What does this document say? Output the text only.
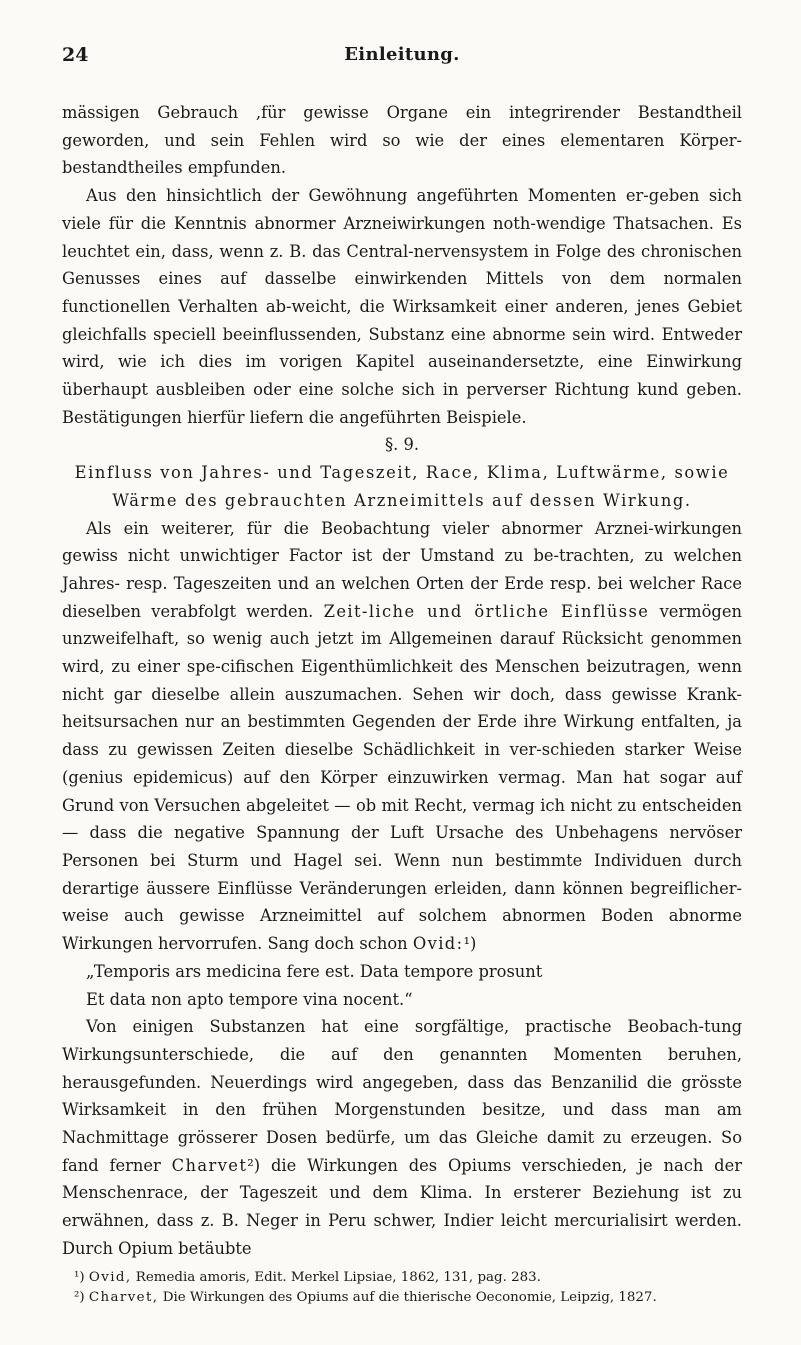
24	Einleitung.

mässigen Gebrauch ,für gewisse Organe ein integrirender Bestandtheil geworden, und sein Fehlen wird so wie der eines elementaren Körper-bestandtheiles empfunden.

Aus den hinsichtlich der Gewöhnung angeführten Momenten er-geben sich viele für die Kenntnis abnormer Arzneiwirkungen noth-wendige Thatsachen. Es leuchtet ein, dass, wenn z. B. das Central-nervensystem in Folge des chronischen Genusses eines auf dasselbe einwirkenden Mittels von dem normalen functionellen Verhalten ab-weicht, die Wirksamkeit einer anderen, jenes Gebiet gleichfalls speciell beeinflussenden, Substanz eine abnorme sein wird. Entweder wird, wie ich dies im vorigen Kapitel auseinandersetzte, eine Einwirkung überhaupt ausbleiben oder eine solche sich in perverser Richtung kund geben. Bestätigungen hierfür liefern die angeführten Beispiele.

§. 9.

Einfluss von Jahres- und Tageszeit, Race, Klima, Luftwärme, sowie Wärme des gebrauchten Arzneimittels auf dessen Wirkung.

Als ein weiterer, für die Beobachtung vieler abnormer Arznei-wirkungen gewiss nicht unwichtiger Factor ist der Umstand zu be-trachten, zu welchen Jahres- resp. Tageszeiten und an welchen Orten der Erde resp. bei welcher Race dieselben verabfolgt werden. Zeit-liche und örtliche Einflüsse vermögen unzweifelhaft, so wenig auch jetzt im Allgemeinen darauf Rücksicht genommen wird, zu einer spe-cifischen Eigenthümlichkeit des Menschen beizutragen, wenn nicht gar dieselbe allein auszumachen. Sehen wir doch, dass gewisse Krank-heitsursachen nur an bestimmten Gegenden der Erde ihre Wirkung entfalten, ja dass zu gewissen Zeiten dieselbe Schädlichkeit in ver-schieden starker Weise (genius epidemicus) auf den Körper einzuwirken vermag. Man hat sogar auf Grund von Versuchen abgeleitet — ob mit Recht, vermag ich nicht zu entscheiden — dass die negative Spannung der Luft Ursache des Unbehagens nervöser Personen bei Sturm und Hagel sei. Wenn nun bestimmte Individuen durch derartige äussere Einflüsse Veränderungen erleiden, dann können begreiflicher-weise auch gewisse Arzneimittel auf solchem abnormen Boden abnorme Wirkungen hervorrufen. Sang doch schon Ovid:¹)

„Temporis ars medicina fere est. Data tempore prosunt

Et data non apto tempore vina nocent.“

Von einigen Substanzen hat eine sorgfältige, practische Beobach-tung Wirkungsunterschiede, die auf den genannten Momenten beruhen, herausgefunden. Neuerdings wird angegeben, dass das Benzanilid die grösste Wirksamkeit in den frühen Morgenstunden besitze, und dass man am Nachmittage grösserer Dosen bedürfe, um das Gleiche damit zu erzeugen. So fand ferner Charvet²) die Wirkungen des Opiums verschieden, je nach der Menschenrace, der Tageszeit und dem Klima. In ersterer Beziehung ist zu erwähnen, dass z. B. Neger in Peru schwer, Indier leicht mercurialisirt werden. Durch Opium betäubte

¹) Ovid, Remedia amoris, Edit. Merkel Lipsiae, 1862, 131, pag. 283.

²) Charvet, Die Wirkungen des Opiums auf die thierische Oeconomie, Leipzig, 1827.
